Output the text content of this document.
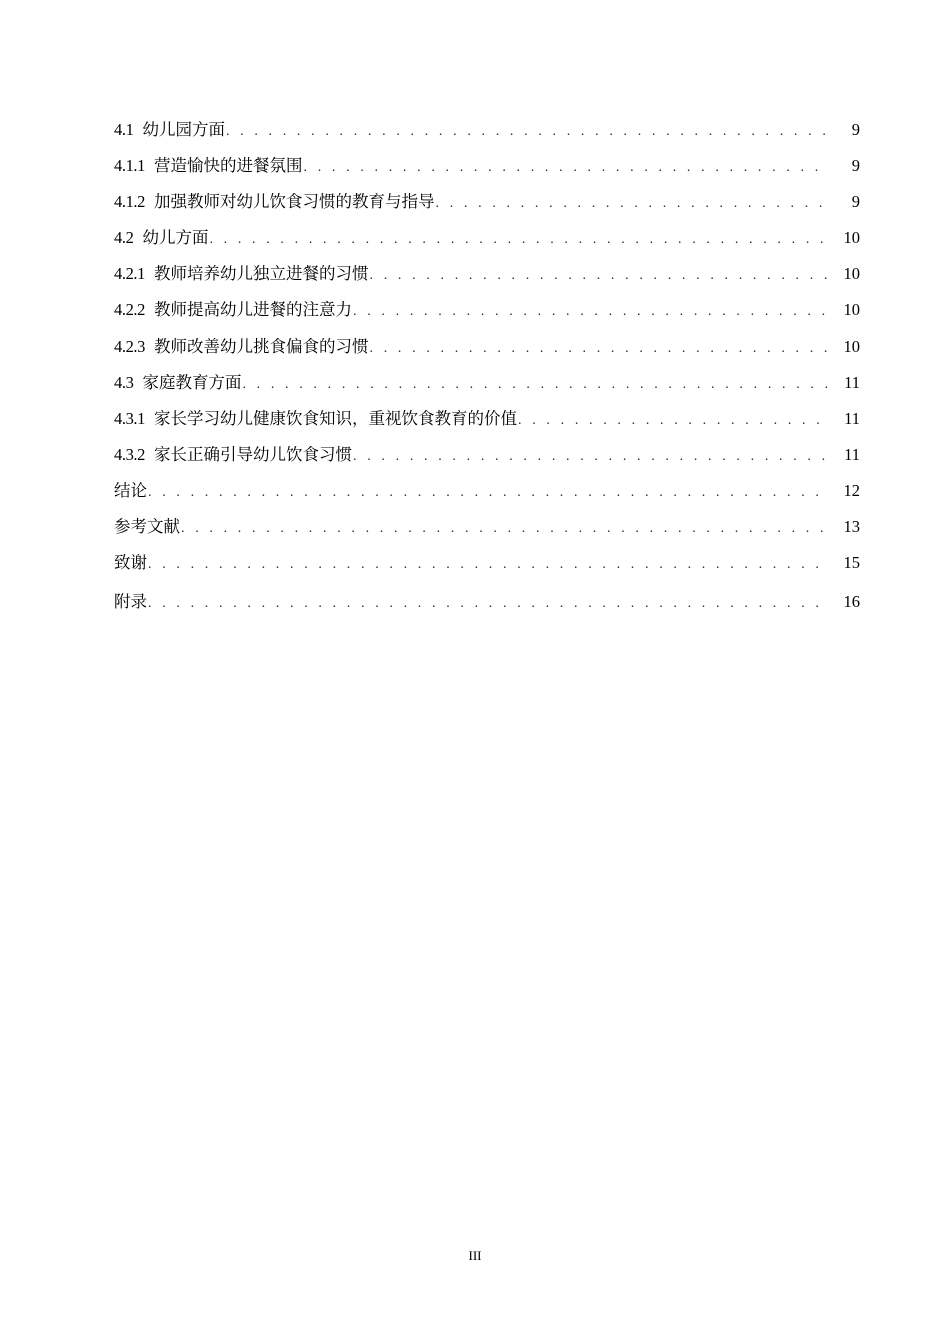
4.1 幼儿园方面 . . .	9
4.1.1 营造愉快的进餐氛围 . . .	9
4.1.2 加强教师对幼儿饮食习惯的教育与指导 . . .	9
4.2 幼儿方面 . . .	10
4.2.1 教师培养幼儿独立进餐的习惯 . . .	10
4.2.2 教师提高幼儿进餐的注意力 . . .	10
4.2.3 教师改善幼儿挑食偏食的习惯 . . .	10
4.3 家庭教育方面 . . .	11
4.3.1 家长学习幼儿健康饮食知识，重视饮食教育的价值 . . .	11
4.3.2 家长正确引导幼儿饮食习惯 . . .	11
结论 . . .	12
参考文献 . . .	13
致谢 . . .	15
附录 . . .	16
III
